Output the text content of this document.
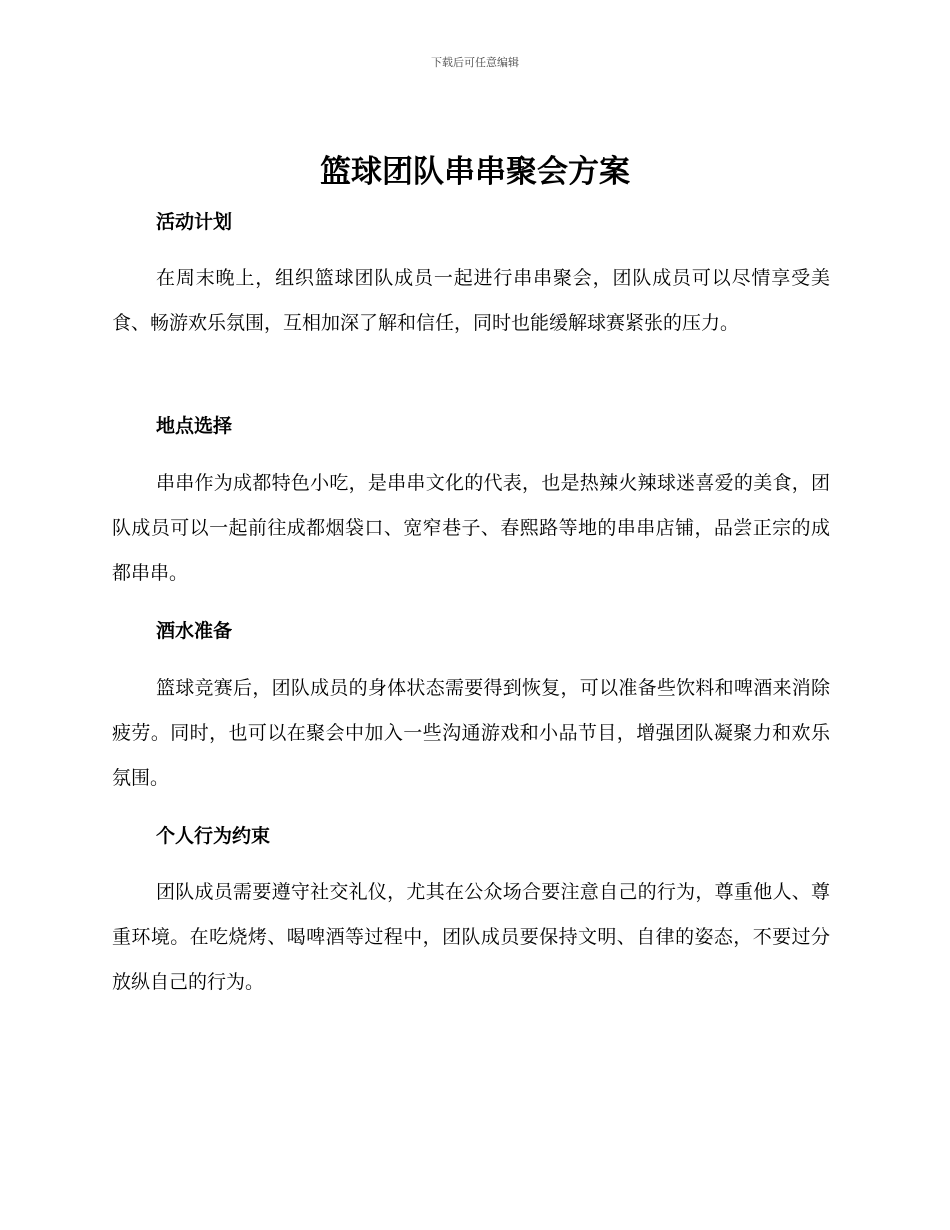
下载后可任意编辑
篮球团队串串聚会方案
活动计划

在周末晚上，组织篮球团队成员一起进行串串聚会，团队成员可以尽情享受美食、畅游欢乐氛围，互相加深了解和信任，同时也能缓解球赛紧张的压力。

地点选择

串串作为成都特色小吃，是串串文化的代表，也是热辣火辣球迷喜爱的美食，团队成员可以一起前往成都烟袋口、宽窄巷子、春熙路等地的串串店铺，品尝正宗的成都串串。

酒水准备

篮球竞赛后，团队成员的身体状态需要得到恢复，可以准备些饮料和啤酒来消除疲劳。同时，也可以在聚会中加入一些沟通游戏和小品节目，增强团队凝聚力和欢乐氛围。

个人行为约束

团队成员需要遵守社交礼仪，尤其在公众场合要注意自己的行为，尊重他人、尊重环境。在吃烧烤、喝啤酒等过程中，团队成员要保持文明、自律的姿态，不要过分放纵自己的行为。
